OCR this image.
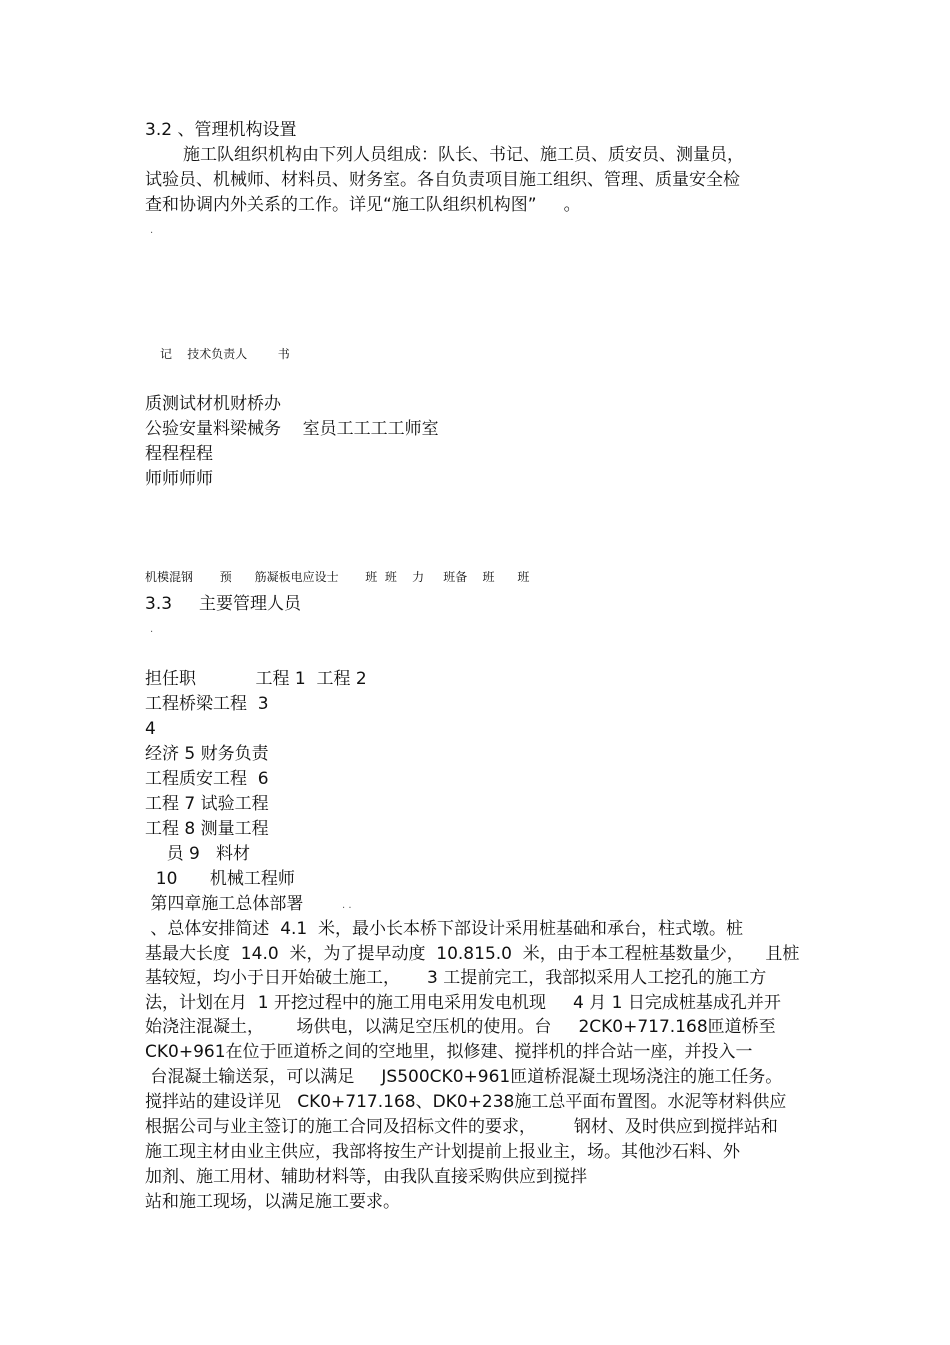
3.2 、管理机构设置
施工队组织机构由下列人员组成：队长、书记、施工员、质安员、测量员，
试验员、机械师、材料员、财务室。各自负责项目施工组织、管理、质量安全检
查和协调内外关系的工作。详见“施工队组织机构图”     。
·
记    技术负责人        书
质测试材机财桥办
公验安量料梁械务    室员工工工工师室
程程程程
师师师师
机模混钢       预      筋凝板电应设士       班  班    力     班备    班      班
3.3     主要管理人员
·
担任职           工程 1  工程 2
工程桥梁工程  3
4
经济 5 财务负责
工程质安工程  6
工程 7 试验工程
工程 8 测量工程
员 9   料材
10      机械工程师
第四章施工总体部署	. .
、总体安排简述  4.1  米，最小长本桥下部设计采用桩基础和承台，柱式墩。桩
基最大长度  14.0  米，为了提早动度  10.815.0  米，由于本工程桩基数量少，    且桩
基较短，均小于日开始破土施工，     3 工提前完工，我部拟采用人工挖孔的施工方
法，计划在月  1 开挖过程中的施工用电采用发电机现     4 月 1 日完成桩基成孔并开
始浇注混凝土，      场供电，以满足空压机的使用。台     2CK0+717.168匝道桥至
CK0+961在位于匝道桥之间的空地里，拟修建、搅拌机的拌合站一座，并投入一
台混凝土输送泵，可以满足     JS500CK0+961匝道桥混凝土现场浇注的施工任务。
搅拌站的建设详见   CK0+717.168、DK0+238施工总平面布置图。水泥等材料供应
根据公司与业主签订的施工合同及招标文件的要求，       钢材、及时供应到搅拌站和
施工现主材由业主供应，我部将按生产计划提前上报业主，场。其他沙石料、外
加剂、施工用材、辅助材料等，由我队直接采购供应到搅拌
站和施工现场，以满足施工要求。
